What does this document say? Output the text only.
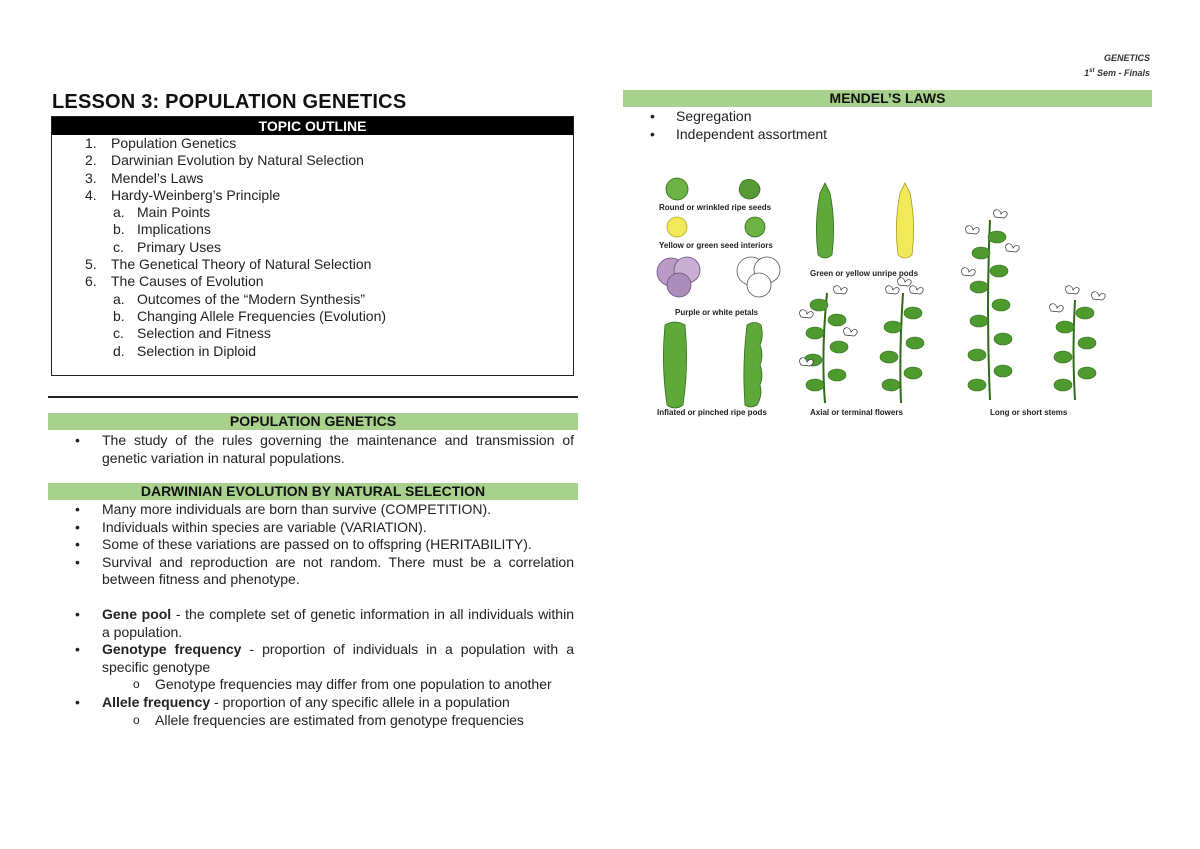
GENETICS
1st Sem - Finals
LESSON 3: POPULATION GENETICS
TOPIC OUTLINE
1. Population Genetics
2. Darwinian Evolution by Natural Selection
3. Mendel’s Laws
4. Hardy-Weinberg’s Principle
a. Main Points
b. Implications
c. Primary Uses
5. The Genetical Theory of Natural Selection
6. The Causes of Evolution
a. Outcomes of the “Modern Synthesis”
b. Changing Allele Frequencies (Evolution)
c. Selection and Fitness
d. Selection in Diploid
POPULATION GENETICS
• The study of the rules governing the maintenance and transmission of genetic variation in natural populations.
DARWINIAN EVOLUTION BY NATURAL SELECTION
• Many more individuals are born than survive (COMPETITION).
• Individuals within species are variable (VARIATION).
• Some of these variations are passed on to offspring (HERITABILITY).
• Survival and reproduction are not random. There must be a correlation between fitness and phenotype.
• Gene pool - the complete set of genetic information in all individuals within a population.
• Genotype frequency - proportion of individuals in a population with a specific genotype
o Genotype frequencies may differ from one population to another
• Allele frequency - proportion of any specific allele in a population
o Allele frequencies are estimated from genotype frequencies
MENDEL’S LAWS
• Segregation
• Independent assortment
Round or wrinkled ripe seeds
Yellow or green seed interiors
Purple or white petals
Inflated or pinched ripe pods
Green or yellow unripe pods
Axial or terminal flowers	Long or short stems
